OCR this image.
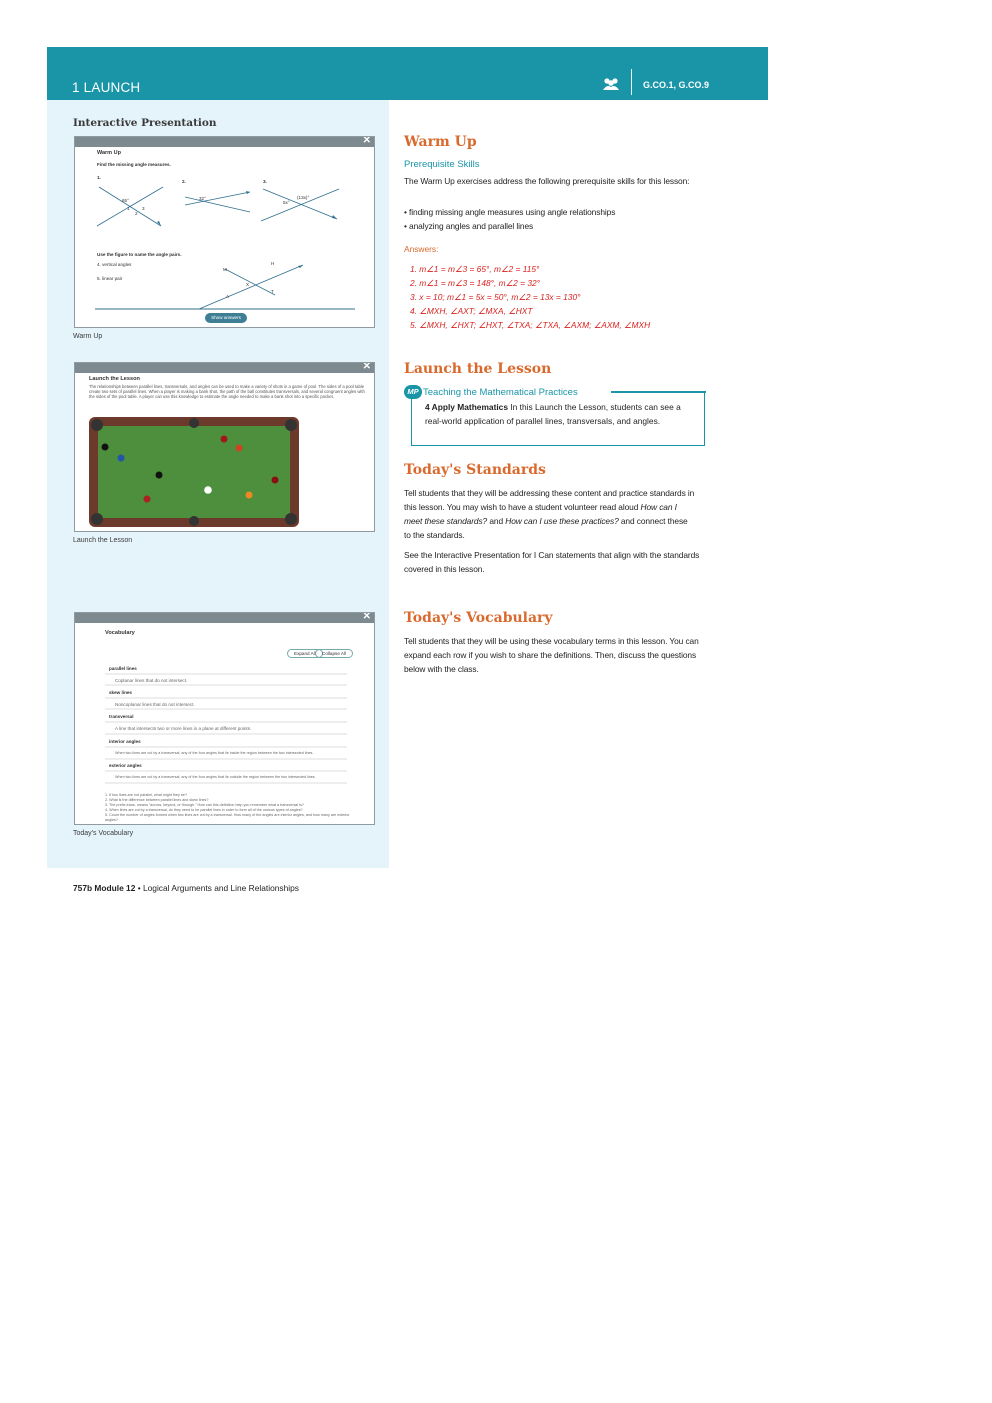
1 LAUNCH	G.CO.1, G.CO.9
Interactive Presentation
✕
Warm Up
Find the missing angle measures.
1.
2.	3.
65°	32°
5x°
(13x)°
1
2
3
Use the figure to name the angle pairs.
4. vertical angles
5. linear pair
M
H
X
A
T
Show answers
Warm Up
✕
Launch the Lesson
The relationships between parallel lines, transversals, and angles can be used to make a variety of shots in a game of pool. The sides of a pool table create two sets of parallel lines. When a player is making a bank shot, the path of the ball constitutes transversals, and several congruent angles with the sides of the pool table. A player can use this knowledge to estimate the angle needed to make a bank shot into a specific pocket.
Launch the Lesson
✕
Vocabulary
Expand All	Collapse All
parallel lines
Coplanar lines that do not intersect.
skew lines
Noncoplanar lines that do not intersect.
transversal
A line that intersects two or more lines in a plane at different points.
interior angles
When two lines are cut by a transversal, any of the four angles that lie inside the region between the two intersected lines.
exterior angles
When two lines are cut by a transversal, any of the four angles that lie outside the region between the two intersected lines.
1. If two lines are not parallel, what might they be?
2. What is the difference between parallel lines and skew lines?
3. The prefix trans- means "across, beyond, or through." How can this definition help you remember what a transversal is?
4. When lines are cut by a transversal, do they need to be parallel lines in order to form all of the various types of angles?
5. Count the number of angles formed when two lines are cut by a transversal. How many of the angles are interior angles, and how many are exterior angles?
Today's Vocabulary
Warm Up
Prerequisite Skills
The Warm Up exercises address the following prerequisite skills for this lesson:
• finding missing angle measures using angle relationships
• analyzing angles and parallel lines
Answers:
1. m∠1 = m∠3 = 65°, m∠2 = 115°
2. m∠1 = m∠3 = 148°, m∠2 = 32°
3. x = 10; m∠1 = 5x = 50°, m∠2 = 13x = 130°
4. ∠MXH, ∠AXT; ∠MXA, ∠HXT
5. ∠MXH, ∠HXT; ∠HXT, ∠TXA; ∠TXA, ∠AXM; ∠AXM, ∠MXH
Launch the Lesson
MP Teaching the Mathematical Practices
4 Apply Mathematics In this Launch the Lesson, students can see a real-world application of parallel lines, transversals, and angles.
Today's Standards
Tell students that they will be addressing these content and practice standards in this lesson. You may wish to have a student volunteer read aloud How can I meet these standards? and How can I use these practices? and connect these to the standards.
See the Interactive Presentation for I Can statements that align with the standards covered in this lesson.
Today's Vocabulary
Tell students that they will be using these vocabulary terms in this lesson. You can expand each row if you wish to share the definitions. Then, discuss the questions below with the class.
757b Module 12 • Logical Arguments and Line Relationships
